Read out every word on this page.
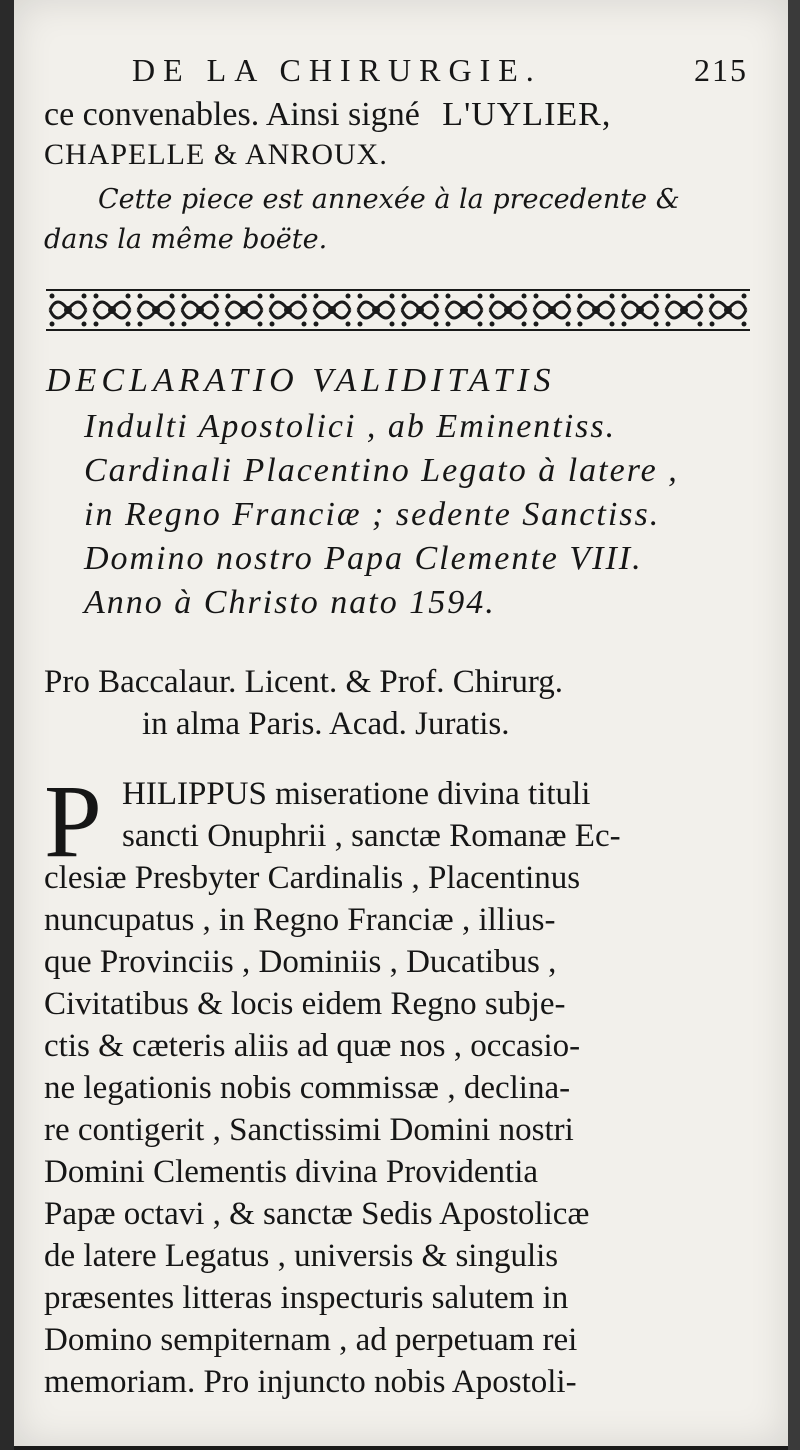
DE LA CHIRURGIE.	215
ce convenables. Ainsi signé L'UYLIER,
CHAPELLE & ANROUX.
Cette piece est annexée à la precedente &
dans la même boëte.
DECLARATIO VALIDITATIS
Indulti Apostolici , ab Eminentiss.
Cardinali Placentino Legato à latere ,
in Regno Franciæ ; sedente Sanctiss.
Domino nostro Papa Clemente VIII.
Anno à Christo nato 1594.
Pro Baccalaur. Licent. & Prof. Chirurg.
in alma Paris. Acad. Juratis.
P HILIPPUS miseratione divina tituli
sancti Onuphrii , sanctæ Romanæ Ec-
clesiæ Presbyter Cardinalis , Placentinus
nuncupatus , in Regno Franciæ , illius-
que Provinciis , Dominiis , Ducatibus ,
Civitatibus & locis eidem Regno subje-
ctis & cæteris aliis ad quæ nos , occasio-
ne legationis nobis commissæ , declina-
re contigerit , Sanctissimi Domini nostri
Domini Clementis divina Providentia
Papæ octavi , & sanctæ Sedis Apostolicæ
de latere Legatus , universis & singulis
præsentes litteras inspecturis salutem in
Domino sempiternam , ad perpetuam rei
memoriam. Pro injuncto nobis Apostoli-
